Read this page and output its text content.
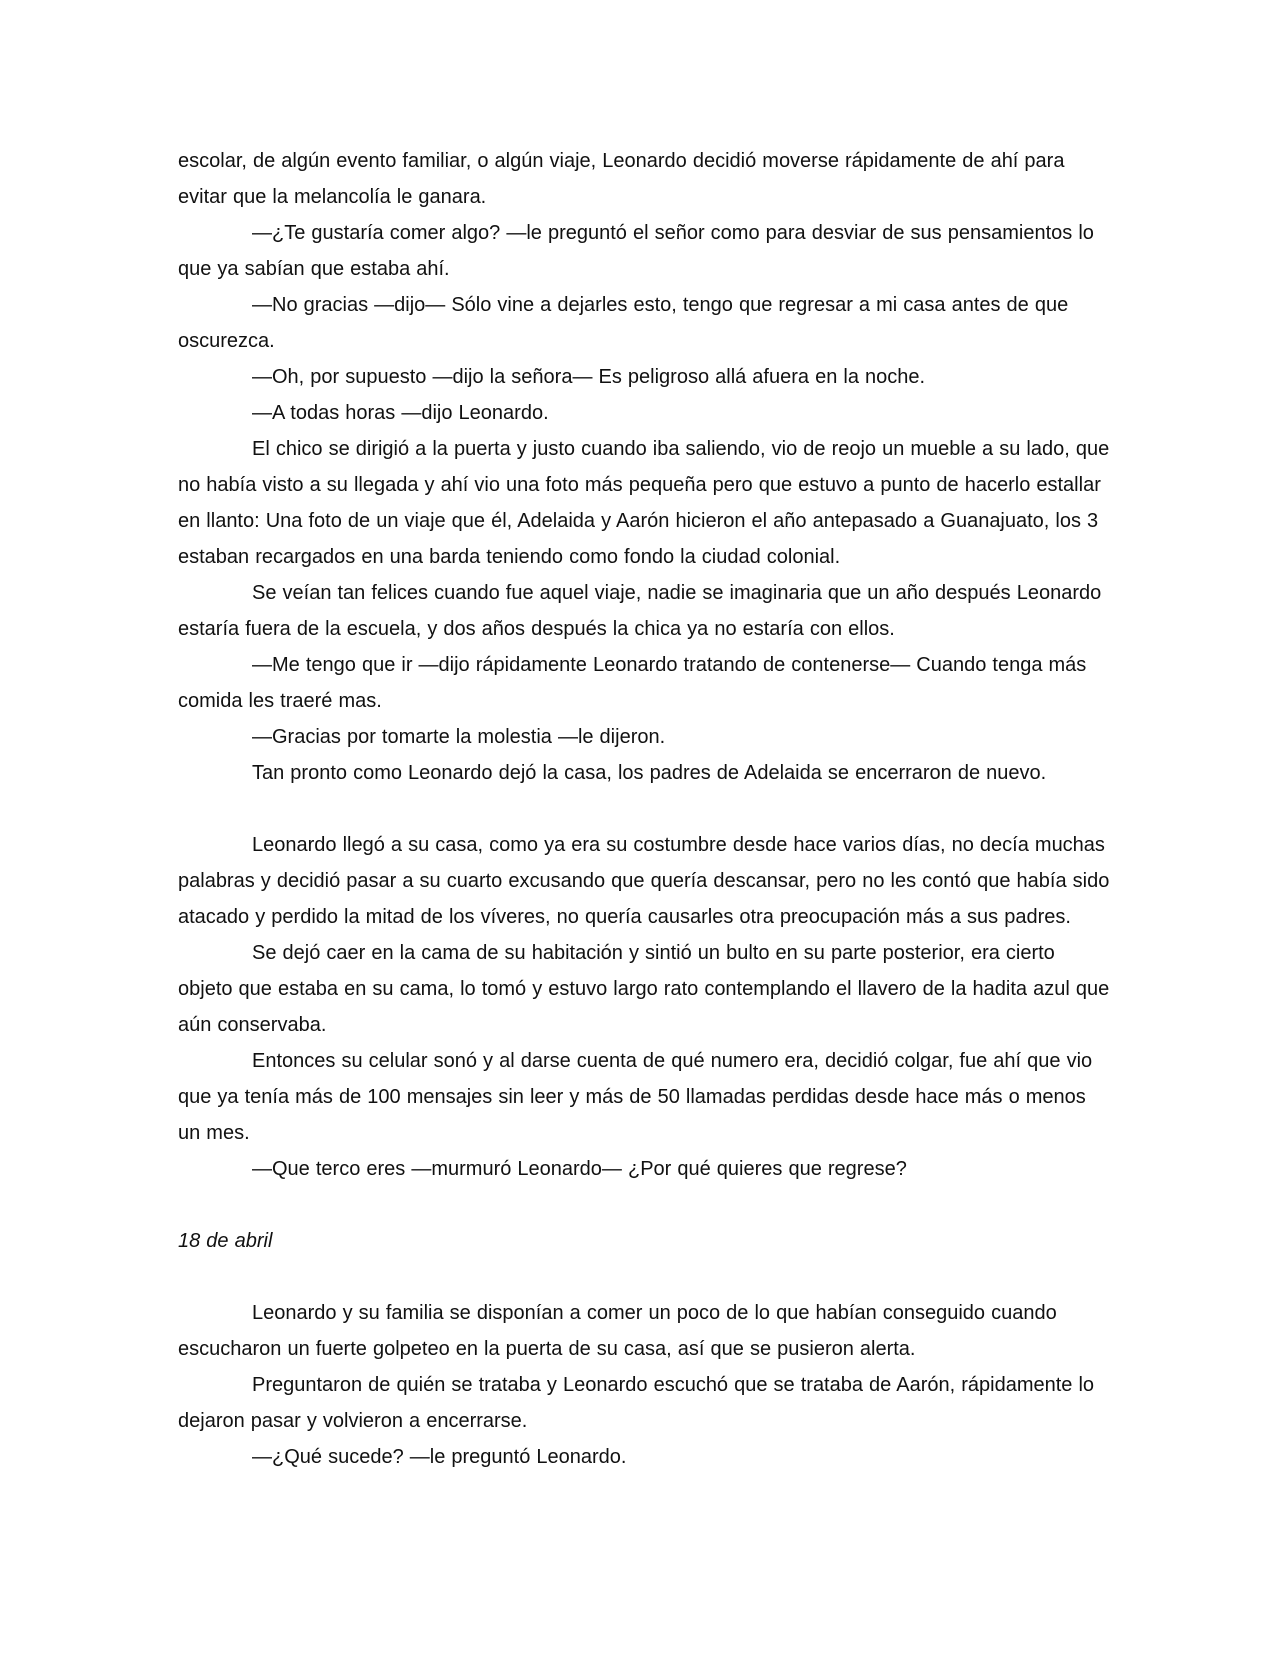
escolar, de algún evento familiar, o algún viaje, Leonardo decidió moverse rápidamente de ahí para evitar que la melancolía le ganara.

—¿Te gustaría comer algo? —le preguntó el señor como para desviar de sus pensamientos lo que ya sabían que estaba ahí.

—No gracias —dijo— Sólo vine a dejarles esto, tengo que regresar a mi casa antes de que oscurezca.

—Oh, por supuesto —dijo la señora— Es peligroso allá afuera en la noche.

—A todas horas —dijo Leonardo.

El chico se dirigió a la puerta y justo cuando iba saliendo, vio de reojo un mueble a su lado, que no había visto a su llegada y ahí vio una foto más pequeña pero que estuvo a punto de hacerlo estallar en llanto: Una foto de un viaje que él, Adelaida y Aarón hicieron el año antepasado a Guanajuato, los 3 estaban recargados en una barda teniendo como fondo la ciudad colonial.

Se veían tan felices cuando fue aquel viaje, nadie se imaginaria que un año después Leonardo estaría fuera de la escuela, y dos años después la chica ya no estaría con ellos.

—Me tengo que ir —dijo rápidamente Leonardo tratando de contenerse— Cuando tenga más comida les traeré mas.

—Gracias por tomarte la molestia —le dijeron.

Tan pronto como Leonardo dejó la casa, los padres de Adelaida se encerraron de nuevo.

Leonardo llegó a su casa, como ya era su costumbre desde hace varios días, no decía muchas palabras y decidió pasar a su cuarto excusando que quería descansar, pero no les contó que había sido atacado y perdido la mitad de los víveres, no quería causarles otra preocupación más a sus padres.

Se dejó caer en la cama de su habitación y sintió un bulto en su parte posterior, era cierto objeto que estaba en su cama, lo tomó y estuvo largo rato contemplando el llavero de la hadita azul que aún conservaba.

Entonces su celular sonó y al darse cuenta de qué numero era, decidió colgar, fue ahí que vio que ya tenía más de 100 mensajes sin leer y más de 50 llamadas perdidas desde hace más o menos un mes.

—Que terco eres —murmuró Leonardo— ¿Por qué quieres que regrese?

18 de abril

Leonardo y su familia se disponían a comer un poco de lo que habían conseguido cuando escucharon un fuerte golpeteo en la puerta de su casa, así que se pusieron alerta.

Preguntaron de quién se trataba y Leonardo escuchó que se trataba de Aarón, rápidamente lo dejaron pasar y volvieron a encerrarse.

—¿Qué sucede? —le preguntó Leonardo.
